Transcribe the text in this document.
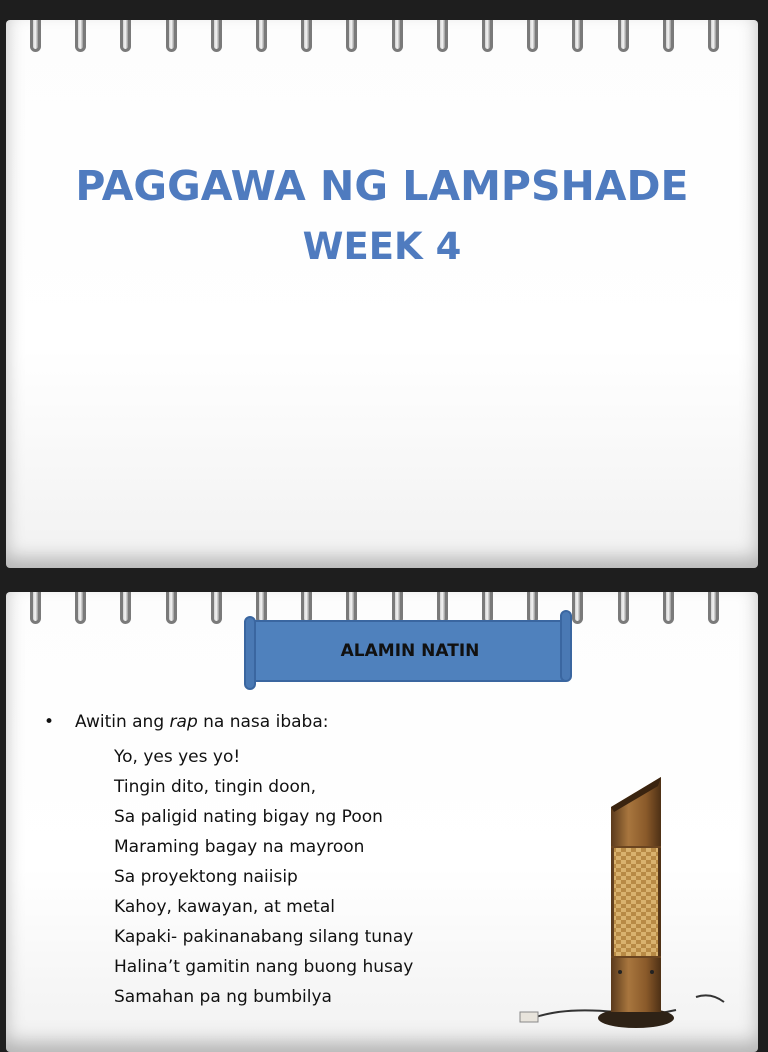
PAGGAWA NG LAMPSHADE
WEEK 4
ALAMIN NATIN
• Awitin ang rap na nasa ibaba:
Yo, yes yes yo!
Tingin dito, tingin doon,
Sa paligid nating bigay ng Poon
Maraming bagay na mayroon
Sa proyektong naiisip
Kahoy, kawayan, at metal
Kapaki- pakinanabang silang tunay
Halina’t gamitin nang buong husay
Samahan pa ng bumbilya
